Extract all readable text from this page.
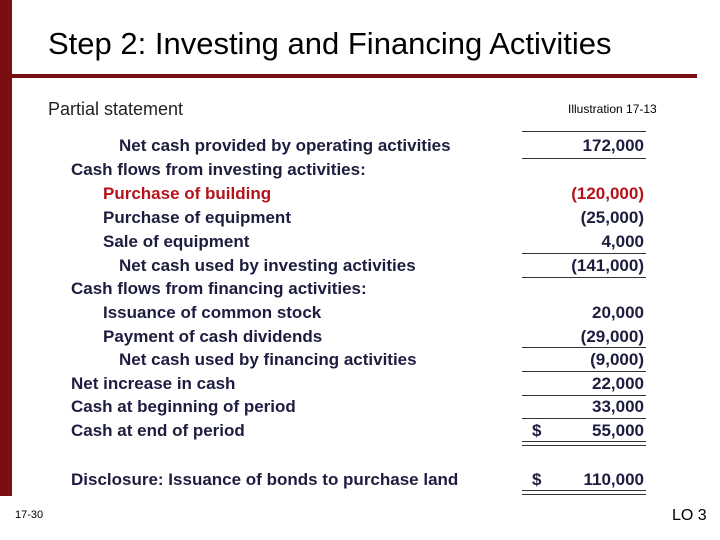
Step 2: Investing and Financing Activities
Partial statement	Illustration 17-13
Net cash provided by operating activities	172,000
Cash flows from investing activities:
Purchase of building	(120,000)
Purchase of equipment	(25,000)
Sale of equipment	4,000
Net cash used by investing activities	(141,000)
Cash flows from financing activities:
Issuance of common stock	20,000
Payment of cash dividends	(29,000)
Net cash used by financing activities	(9,000)
Net increase in cash	22,000
Cash at beginning of period	33,000
Cash at end of period	$	55,000
Disclosure: Issuance of bonds to purchase land	$ 110,000
17-30	LO 3
